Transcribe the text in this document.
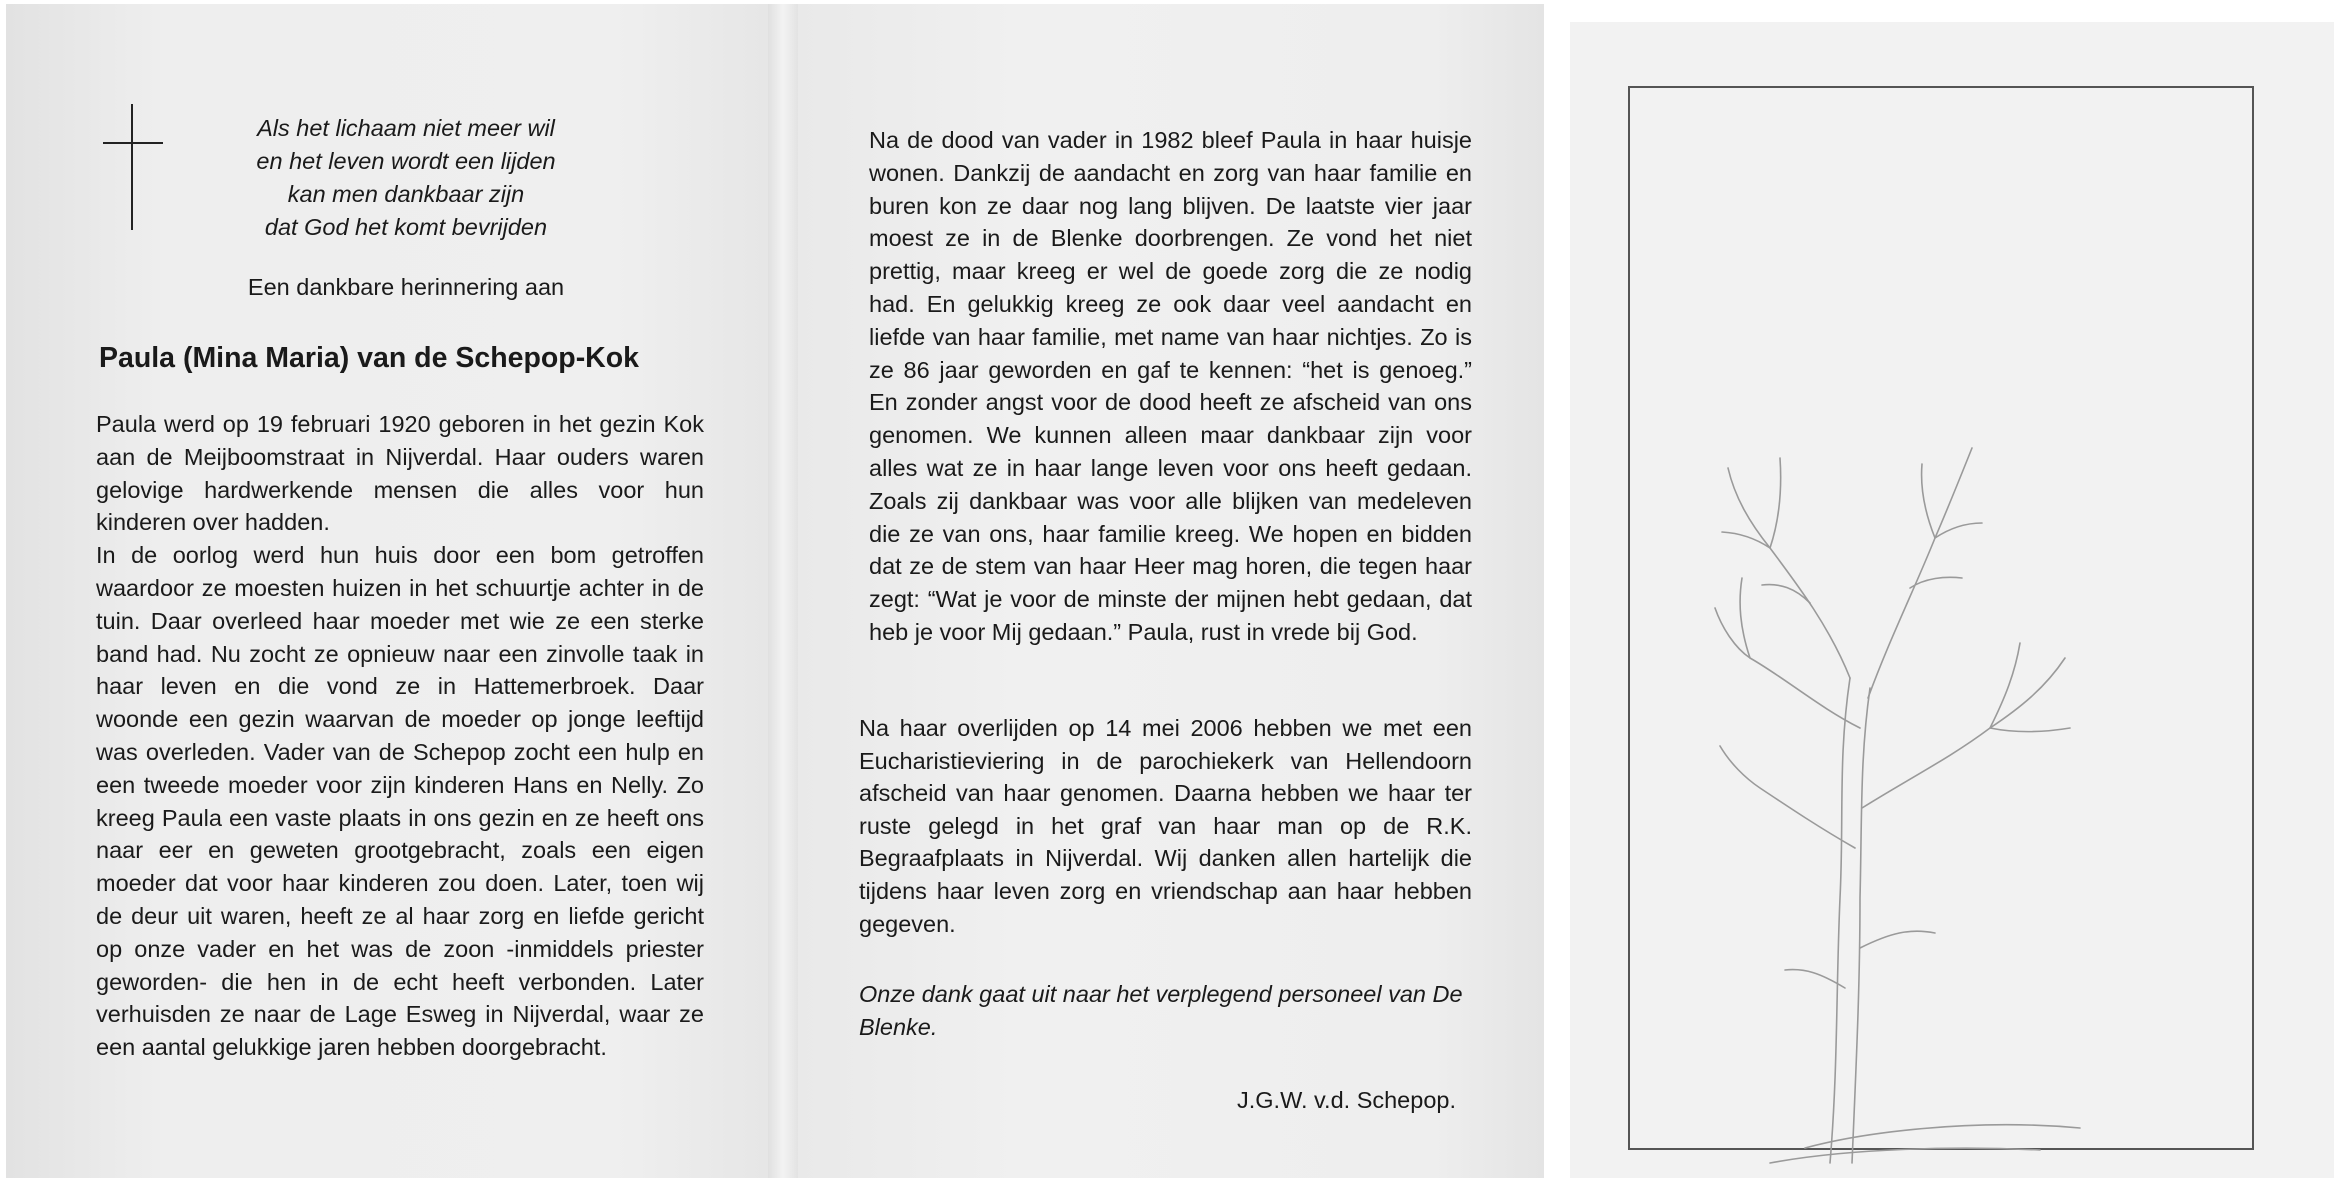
Als het lichaam niet meer wil
en het leven wordt een lijden
kan men dankbaar zijn
dat God het komt bevrijden
Een dankbare herinnering aan
Paula (Mina Maria) van de Schepop-Kok

Paula werd op 19 februari 1920 geboren in het gezin Kok aan de Meijboomstraat in Nijverdal. Haar ouders waren gelovige hardwerkende mensen die alles voor hun kinderen over hadden.

In de oorlog werd hun huis door een bom getroffen waardoor ze moesten huizen in het schuurtje achter in de tuin. Daar overleed haar moeder met wie ze een sterke band had. Nu zocht ze opnieuw naar een zinvolle taak in haar leven en die vond ze in Hattemerbroek. Daar woonde een gezin waarvan de moeder op jonge leeftijd was overleden. Vader van de Schepop zocht een hulp en een tweede moeder voor zijn kinderen Hans en Nelly. Zo kreeg Paula een vaste plaats in ons gezin en ze heeft ons naar eer en geweten grootgebracht, zoals een eigen moeder dat voor haar kinderen zou doen. Later, toen wij de deur uit waren, heeft ze al haar zorg en liefde gericht op onze vader en het was de zoon -inmiddels priester geworden- die hen in de echt heeft verbonden. Later verhuisden ze naar de Lage Esweg in Nijverdal, waar ze een aantal gelukkige jaren hebben doorgebracht.

Na de dood van vader in 1982 bleef Paula in haar huisje wonen. Dankzij de aandacht en zorg van haar familie en buren kon ze daar nog lang blijven. De laatste vier jaar moest ze in de Blenke doorbrengen. Ze vond het niet prettig, maar kreeg er wel de goede zorg die ze nodig had. En gelukkig kreeg ze ook daar veel aandacht en liefde van haar familie, met name van haar nichtjes. Zo is ze 86 jaar geworden en gaf te kennen: “het is genoeg.” En zonder angst voor de dood heeft ze afscheid van ons genomen. We kunnen alleen maar dankbaar zijn voor alles wat ze in haar lange leven voor ons heeft gedaan. Zoals zij dankbaar was voor alle blijken van medeleven die ze van ons, haar familie kreeg. We hopen en bidden dat ze de stem van haar Heer mag horen, die tegen haar zegt: “Wat je voor de minste der mijnen hebt gedaan, dat heb je voor Mij gedaan.” Paula, rust in vrede bij God.
Na haar overlijden op 14 mei 2006 hebben we met een Eucharistieviering in de parochiekerk van Hellendoorn afscheid van haar genomen. Daarna hebben we haar ter ruste gelegd in het graf van haar man op de R.K. Begraafplaats in Nijverdal. Wij danken allen hartelijk die tijdens haar leven zorg en vriendschap aan haar hebben gegeven.
Onze dank gaat uit naar het verplegend personeel van De Blenke.
J.G.W. v.d. Schepop.
